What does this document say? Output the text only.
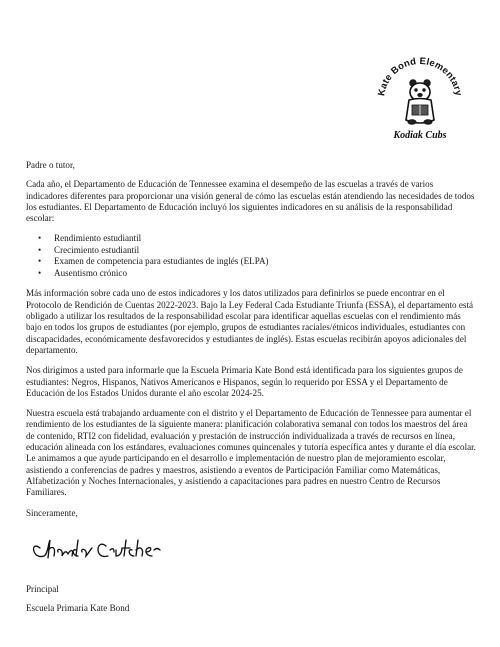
Kate Bond Elementary
Kodiak Cubs

Padre o tutor,

Cada año, el Departamento de Educación de Tennessee examina el desempeño de las escuelas a través de varios indicadores diferentes para proporcionar una visión general de cómo las escuelas están atendiendo las necesidades de todos los estudiantes. El Departamento de Educación incluyó los siguientes indicadores en su análisis de la responsabilidad escolar:

• Rendimiento estudiantil
• Crecimiento estudiantil
• Examen de competencia para estudiantes de inglés (ELPA)
• Ausentismo crónico

Más información sobre cada uno de estos indicadores y los datos utilizados para definirlos se puede encontrar en el Protocolo de Rendición de Cuentas 2022-2023. Bajo la Ley Federal Cada Estudiante Triunfa (ESSA), el departamento está obligado a utilizar los resultados de la responsabilidad escolar para identificar aquellas escuelas con el rendimiento más bajo en todos los grupos de estudiantes (por ejemplo, grupos de estudiantes raciales/étnicos individuales, estudiantes con discapacidades, económicamente desfavorecidos y estudiantes de inglés). Estas escuelas recibirán apoyos adicionales del departamento.

Nos dirigimos a usted para informarle que la Escuela Primaria Kate Bond está identificada para los siguientes grupos de estudiantes: Negros, Hispanos, Nativos Americanos e Hispanos, según lo requerido por ESSA y el Departamento de Educación de los Estados Unidos durante el año escolar 2024-25.

Nuestra escuela está trabajando arduamente con el distrito y el Departamento de Educación de Tennessee para aumentar el rendimiento de los estudiantes de la siguiente manera: planificación colaborativa semanal con todos los maestros del área de contenido, RTI2 con fidelidad, evaluación y prestación de instrucción individualizada a través de recursos en línea, educación alineada con los estándares, evaluaciones comunes quincenales y tutoría específica antes y durante el día escolar. Le animamos a que ayude participando en el desarrollo e implementación de nuestro plan de mejoramiento escolar, asistiendo a conferencias de padres y maestros, asistiendo a eventos de Participación Familiar como Matemáticas, Alfabetización y Noches Internacionales, y asistiendo a capacitaciones para padres en nuestro Centro de Recursos Familiares.

Sinceramente,

Principal
Escuela Primaria Kate Bond
